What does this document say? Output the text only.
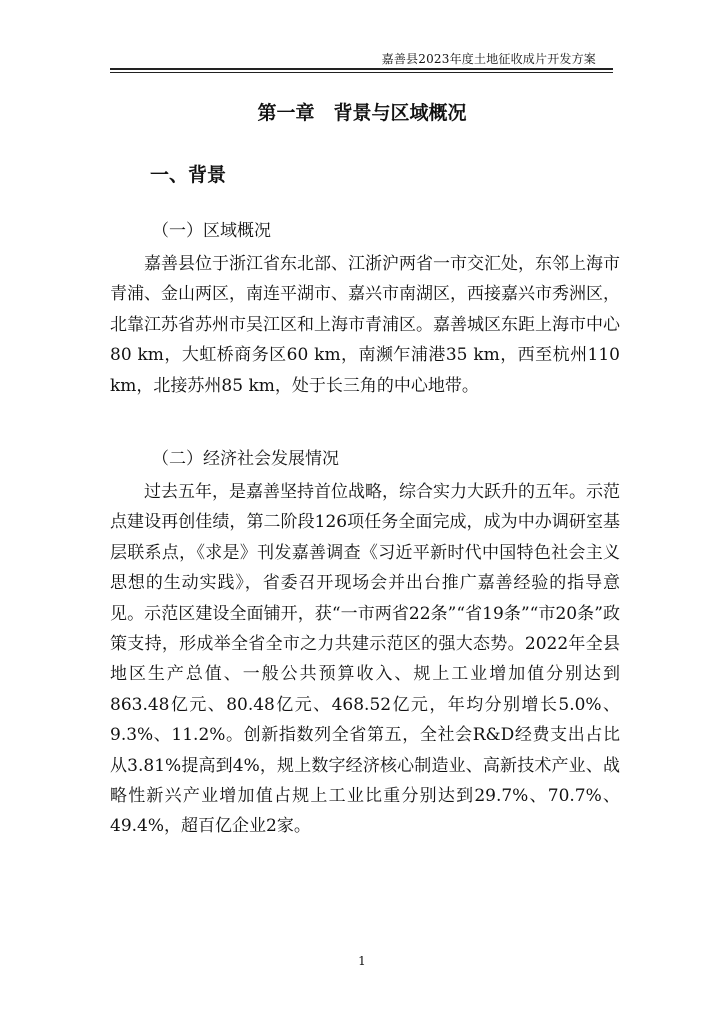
嘉善县2023年度土地征收成片开发方案
第一章　背景与区域概况
一、背景
（一）区域概况

嘉善县位于浙江省东北部、江浙沪两省一市交汇处，东邻上海市青浦、金山两区，南连平湖市、嘉兴市南湖区，西接嘉兴市秀洲区，北靠江苏省苏州市吴江区和上海市青浦区。嘉善城区东距上海市中心80 km，大虹桥商务区60 km，南濒乍浦港35 km，西至杭州110 km，北接苏州85 km，处于长三角的中心地带。

（二）经济社会发展情况

过去五年，是嘉善坚持首位战略，综合实力大跃升的五年。示范点建设再创佳绩，第二阶段126项任务全面完成，成为中办调研室基层联系点，《求是》刊发嘉善调查《习近平新时代中国特色社会主义思想的生动实践》，省委召开现场会并出台推广嘉善经验的指导意见。示范区建设全面铺开，获“一市两省22条”“省19条”“市20条”政策支持，形成举全省全市之力共建示范区的强大态势。2022年全县地区生产总值、一般公共预算收入、规上工业增加值分别达到863.48亿元、80.48亿元、468.52亿元，年均分别增长5.0%、9.3%、11.2%。创新指数列全省第五，全社会R&D经费支出占比从3.81%提高到4%，规上数字经济核心制造业、高新技术产业、战略性新兴产业增加值占规上工业比重分别达到29.7%、70.7%、49.4%，超百亿企业2家。

1
